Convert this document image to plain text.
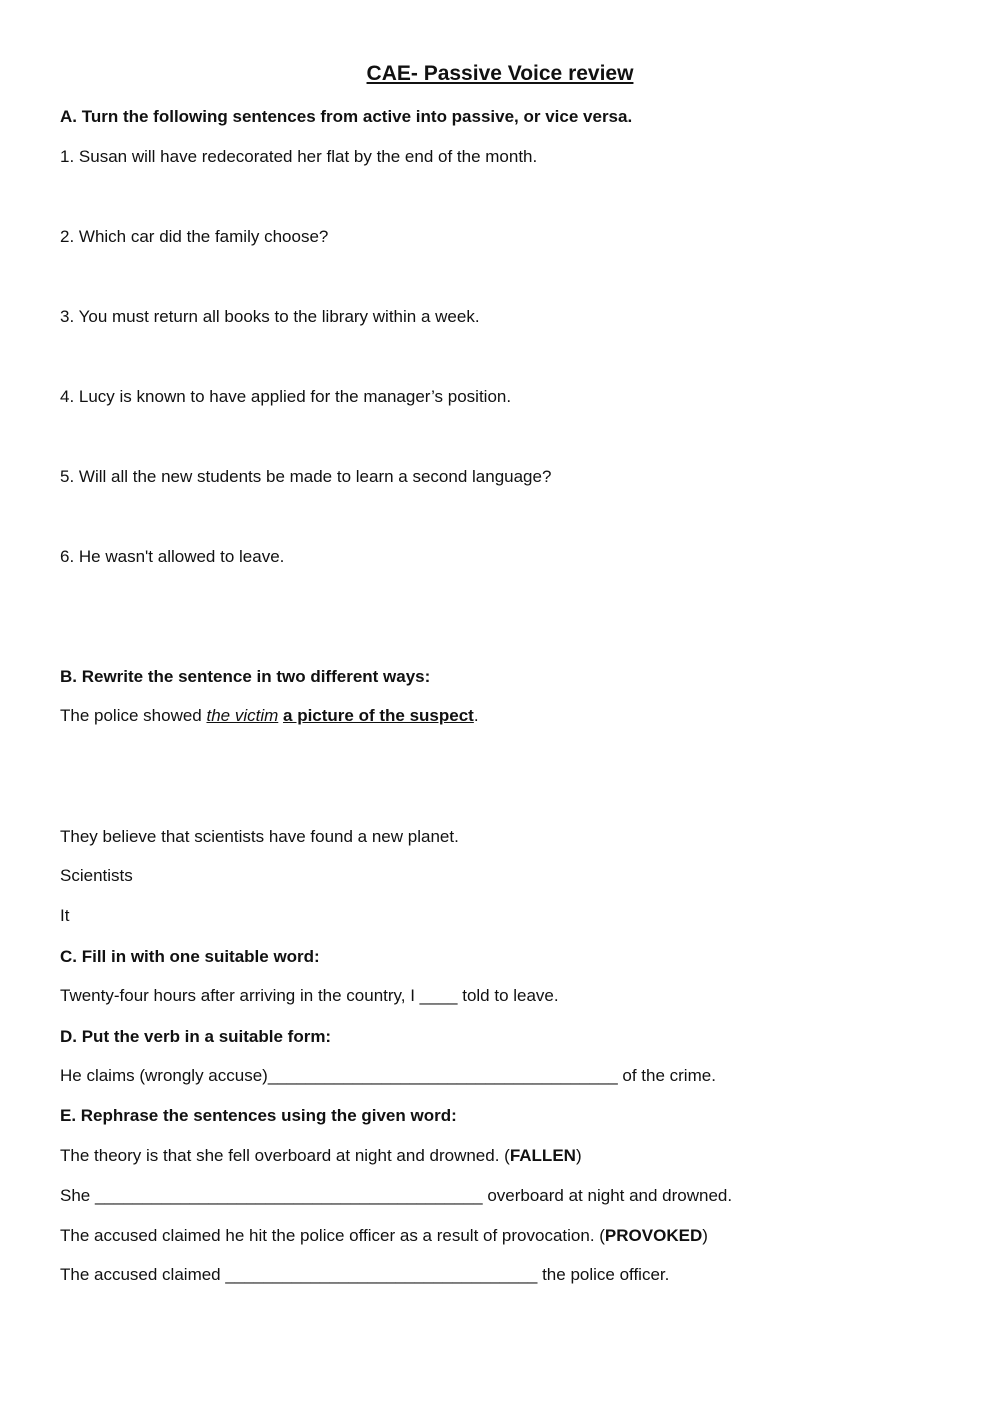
CAE- Passive Voice review
A. Turn the following sentences from active into passive, or vice versa.
1. Susan will have redecorated her flat by the end of the month.
2. Which car did the family choose?
3. You must return all books to the library within a week.
4. Lucy is known to have applied for the manager’s position.
5. Will all the new students be made to learn a second language?
6. He wasn't allowed to leave.
B. Rewrite the sentence in two different ways:
The police showed the victim a picture of the suspect.
They believe that scientists have found a new planet.
Scientists
It
C. Fill in with one suitable word:
Twenty-four hours after arriving in the country, I ____ told to leave.
D. Put the verb in a suitable form:
He claims (wrongly accuse)_____________________________________ of the crime.
E. Rephrase the sentences using the given word:
The theory is that she fell overboard at night and drowned. (FALLEN)
She _________________________________________ overboard at night and drowned.
The accused claimed he hit the police officer as a result of provocation. (PROVOKED)
The accused claimed _________________________________ the police officer.
